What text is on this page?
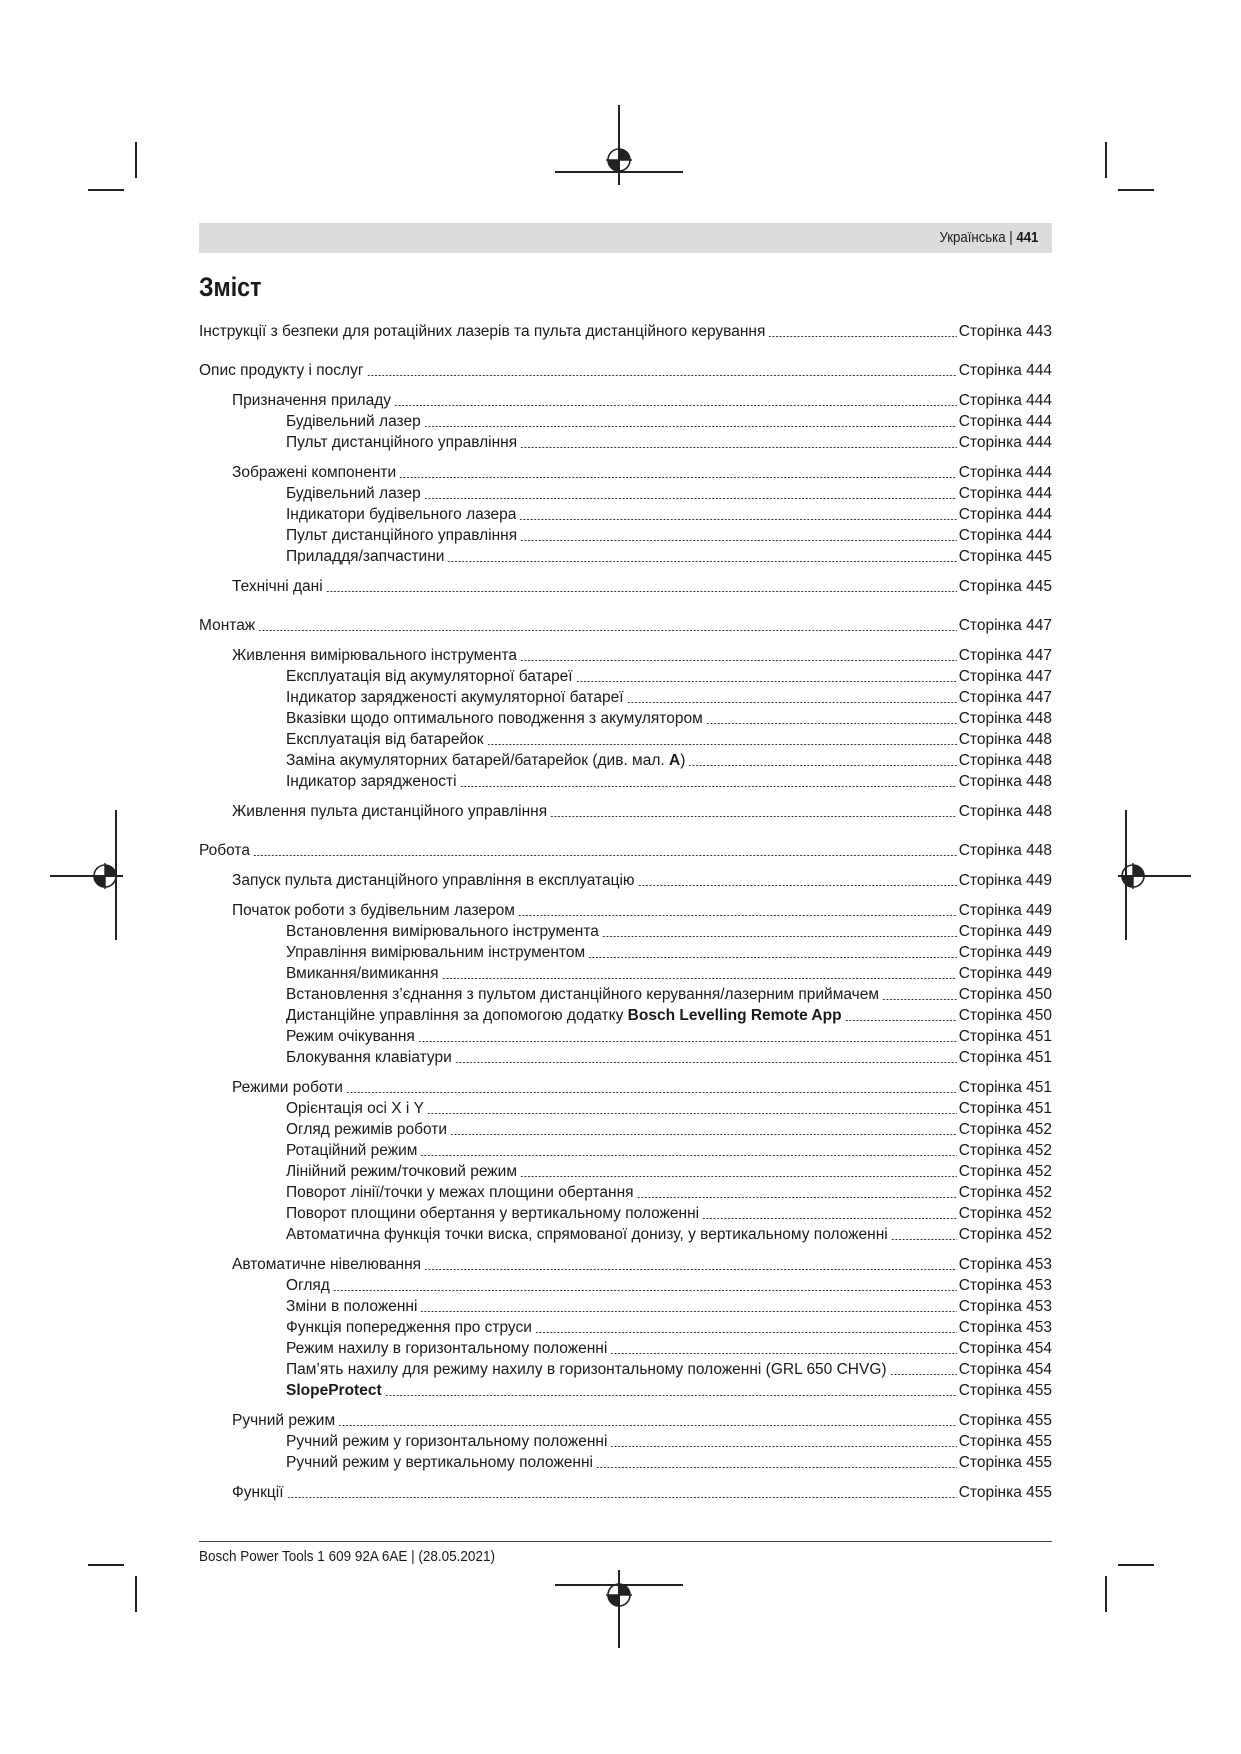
Українська | 441
Зміст
Інструкції з безпеки для ротаційних лазерів та пульта дистанційного керування	Сторінка 443
Опис продукту і послуг	Сторінка 444
Призначення приладу	Сторінка 444
Будівельний лазер	Сторінка 444
Пульт дистанційного управління	Сторінка 444
Зображені компоненти	Сторінка 444
Будівельний лазер	Сторінка 444
Індикатори будівельного лазера	Сторінка 444
Пульт дистанційного управління	Сторінка 444
Приладдя/запчастини	Сторінка 445
Технічні дані	Сторінка 445
Монтаж	Сторінка 447
Живлення вимірювального інструмента	Сторінка 447
Експлуатація від акумуляторної батареї	Сторінка 447
Індикатор зарядженості акумуляторної батареї	Сторінка 447
Вказівки щодо оптимального поводження з акумулятором	Сторінка 448
Експлуатація від батарейок	Сторінка 448
Заміна акумуляторних батарей/батарейок (див. мал. A)	Сторінка 448
Індикатор зарядженості	Сторінка 448
Живлення пульта дистанційного управління	Сторінка 448
Робота	Сторінка 448
Запуск пульта дистанційного управління в експлуатацію	Сторінка 449
Початок роботи з будівельним лазером	Сторінка 449
Встановлення вимірювального інструмента	Сторінка 449
Управління вимірювальним інструментом	Сторінка 449
Вмикання/вимикання	Сторінка 449
Встановлення з’єднання з пультом дистанційного керування/лазерним приймачем	Сторінка 450
Дистанційне управління за допомогою додатку Bosch Levelling Remote App	Сторінка 450
Режим очікування	Сторінка 451
Блокування клавіатури	Сторінка 451
Режими роботи	Сторінка 451
Орієнтація осі X і Y	Сторінка 451
Огляд режимів роботи	Сторінка 452
Ротаційний режим	Сторінка 452
Лінійний режим/точковий режим	Сторінка 452
Поворот лінії/точки у межах площини обертання	Сторінка 452
Поворот площини обертання у вертикальному положенні	Сторінка 452
Автоматична функція точки виска, спрямованої донизу, у вертикальному положенні	Сторінка 452
Автоматичне нівелювання	Сторінка 453
Огляд	Сторінка 453
Зміни в положенні	Сторінка 453
Функція попередження про струси	Сторінка 453
Режим нахилу в горизонтальному положенні	Сторінка 454
Пам’ять нахилу для режиму нахилу в горизонтальному положенні (GRL 650 CHVG)	Сторінка 454
SlopeProtect	Сторінка 455
Ручний режим	Сторінка 455
Ручний режим у горизонтальному положенні	Сторінка 455
Ручний режим у вертикальному положенні	Сторінка 455
Функції	Сторінка 455
Bosch Power Tools 1 609 92A 6AE | (28.05.2021)
